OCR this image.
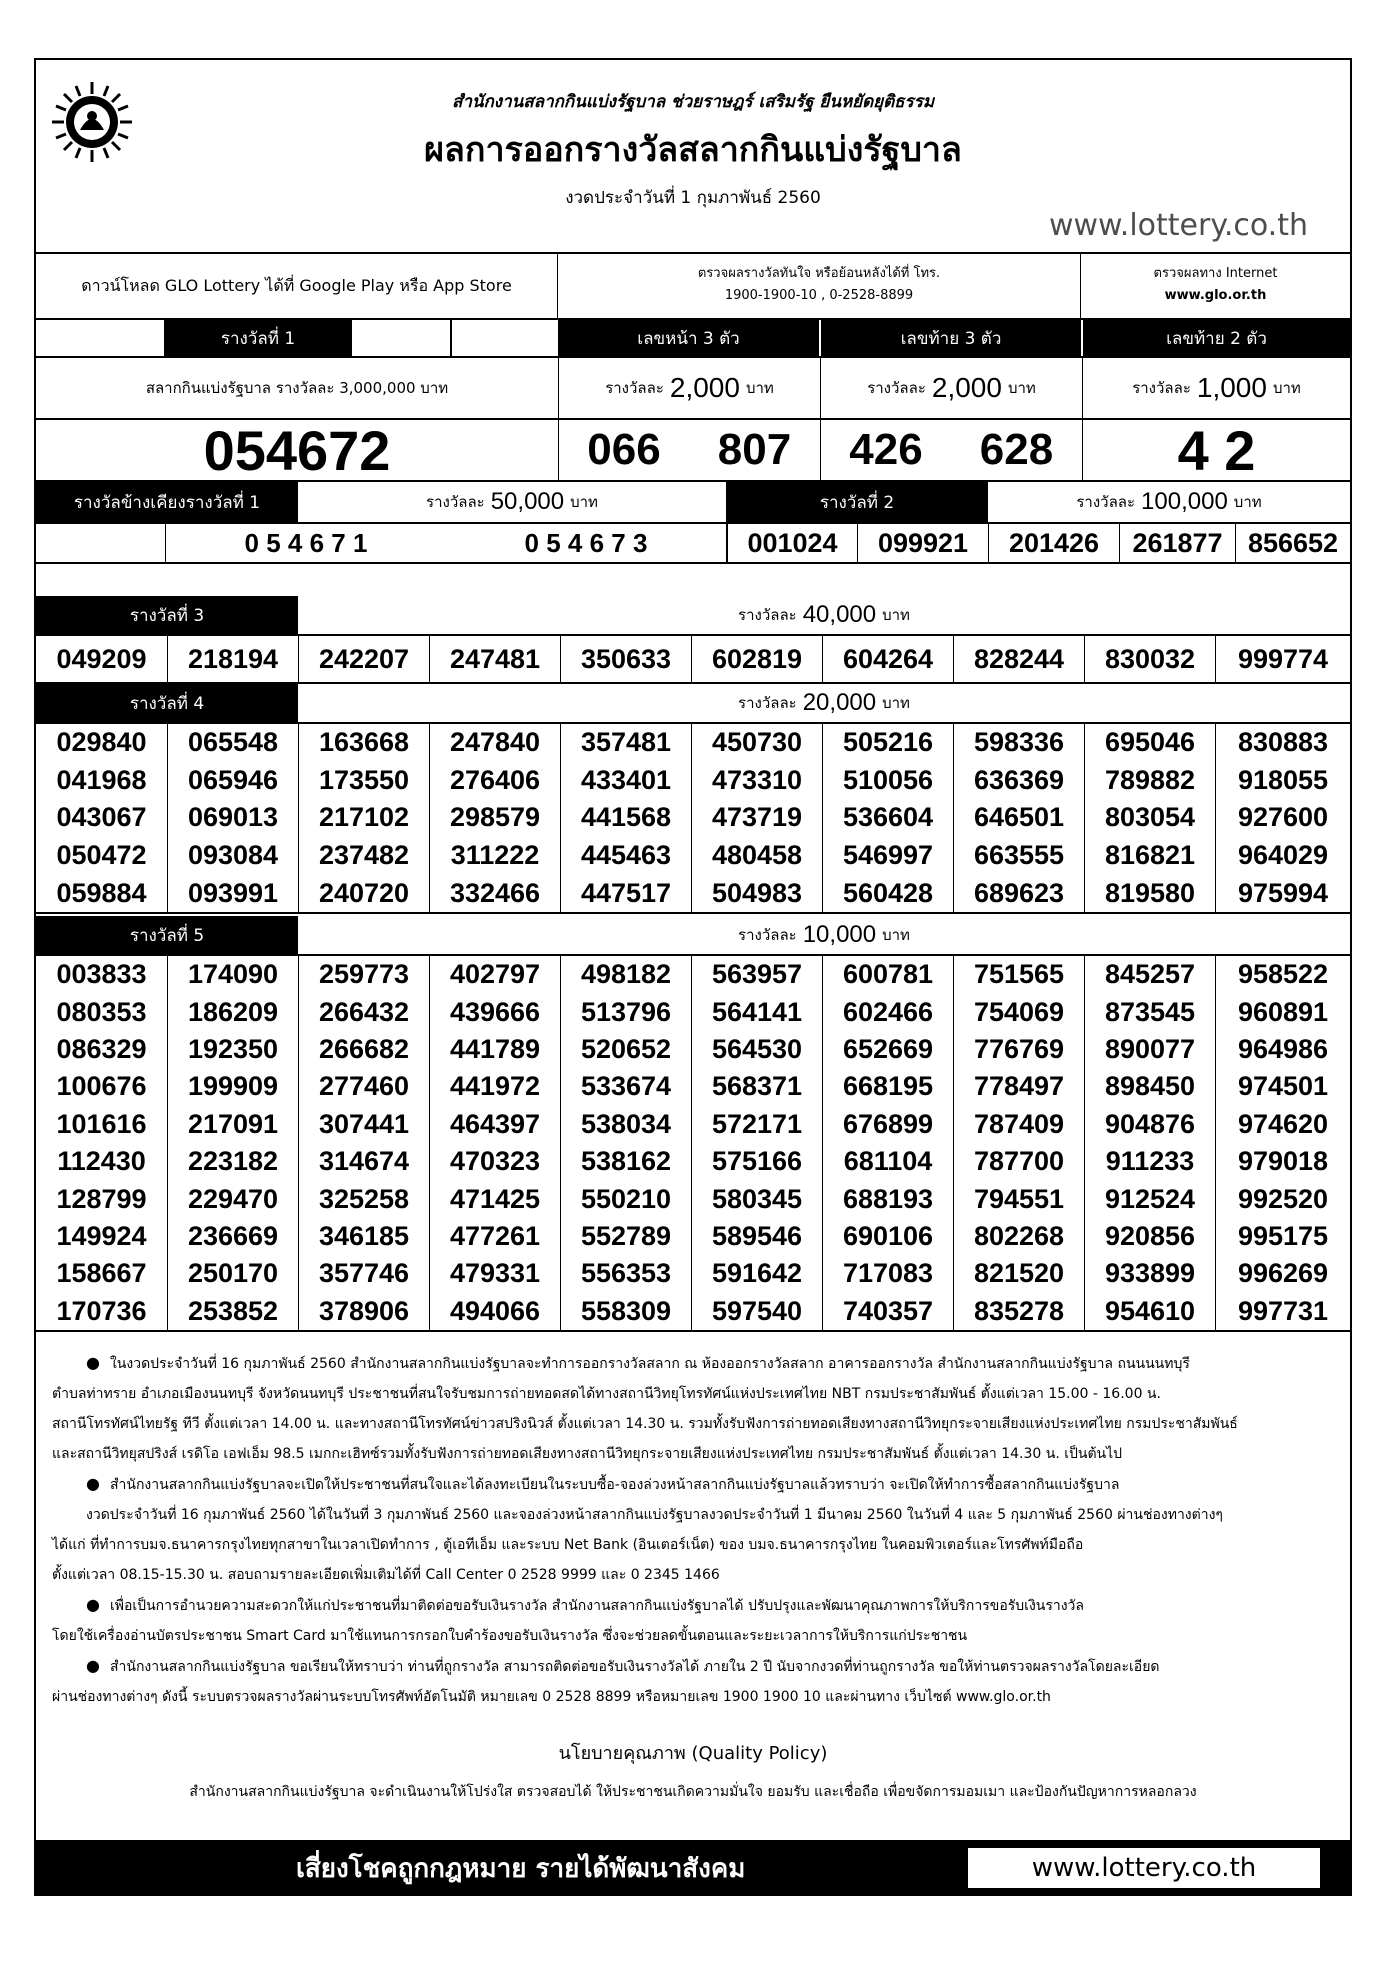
สำนักงานสลากกินแบ่งรัฐบาล ช่วยราษฎร์ เสริมรัฐ ยืนหยัดยุติธรรม
ผลการออกรางวัลสลากกินแบ่งรัฐบาล
งวดประจำวันที่ 1 กุมภาพันธ์ 2560
www.lottery.co.th
ดาวน์โหลด GLO Lottery ได้ที่ Google Play หรือ App Store
ตรวจผลรางวัลทันใจ หรือย้อนหลังได้ที่ โทร.
1900-1900-10 , 0-2528-8899
ตรวจผลทาง Internet
www.glo.or.th
รางวัลที่ 1	เลขหน้า 3 ตัว	เลขท้าย 3 ตัว	เลขท้าย 2 ตัว
สลากกินแบ่งรัฐบาล รางวัลละ 3,000,000 บาท	รางวัลละ 2,000 บาท	รางวัลละ 2,000 บาท	รางวัลละ 1,000 บาท
054672	066	807	426	628	4 2
รางวัลข้างเคียงรางวัลที่ 1	รางวัลละ 50,000 บาท	รางวัลที่ 2	รางวัลละ 100,000 บาท
0 5 4 6 7 1	0 5 4 6 7 3	001024	099921	201426	261877 856652
รางวัลที่ 3	รางวัลละ 40,000 บาท
049209	218194	242207	247481	350633	602819	604264	828244	830032	999774
รางวัลที่ 4	รางวัลละ 20,000 บาท
029840	065548	163668	247840	357481	450730	505216	598336	695046	830883
041968	065946	173550	276406	433401	473310	510056	636369	789882	918055
043067	069013	217102	298579	441568	473719	536604	646501	803054	927600
050472	093084	237482	311222	445463	480458	546997	663555	816821	964029
059884	093991	240720	332466	447517	504983	560428	689623	819580	975994
รางวัลที่ 5	รางวัลละ 10,000 บาท
003833	174090	259773	402797	498182	563957	600781	751565	845257	958522
080353	186209	266432	439666	513796	564141	602466	754069	873545	960891
086329	192350	266682	441789	520652	564530	652669	776769	890077	964986
100676	199909	277460	441972	533674	568371	668195	778497	898450	974501
101616	217091	307441	464397	538034	572171	676899	787409	904876	974620
112430	223182	314674	470323	538162	575166	681104	787700	911233	979018
128799	229470	325258	471425	550210	580345	688193	794551	912524	992520
149924	236669	346185	477261	552789	589546	690106	802268	920856	995175
158667	250170	357746	479331	556353	591642	717083	821520	933899	996269
170736	253852	378906	494066	558309	597540	740357	835278	954610	997731

● ในงวดประจำวันที่ 16 กุมภาพันธ์ 2560 สำนักงานสลากกินแบ่งรัฐบาลจะทำการออกรางวัลสลาก ณ ห้องออกรางวัลสลาก อาคารออกรางวัล สำนักงานสลากกินแบ่งรัฐบาล ถนนนนทบุรี

ตำบลท่าทราย อำเภอเมืองนนทบุรี จังหวัดนนทบุรี ประชาชนที่สนใจรับชมการถ่ายทอดสดได้ทางสถานีวิทยุโทรทัศน์แห่งประเทศไทย NBT กรมประชาสัมพันธ์ ตั้งแต่เวลา 15.00 - 16.00 น.

สถานีโทรทัศน์ไทยรัฐ ทีวี ตั้งแต่เวลา 14.00 น. และทางสถานีโทรทัศน์ข่าวสปริงนิวส์ ตั้งแต่เวลา 14.30 น. รวมทั้งรับฟังการถ่ายทอดเสียงทางสถานีวิทยุกระจายเสียงแห่งประเทศไทย กรมประชาสัมพันธ์

และสถานีวิทยุสปริงส์ เรดิโอ เอฟเอ็ม 98.5 เมกกะเฮิทซ์รวมทั้งรับฟังการถ่ายทอดเสียงทางสถานีวิทยุกระจายเสียงแห่งประเทศไทย กรมประชาสัมพันธ์ ตั้งแต่เวลา 14.30 น. เป็นต้นไป

● สำนักงานสลากกินแบ่งรัฐบาลจะเปิดให้ประชาชนที่สนใจและได้ลงทะเบียนในระบบซื้อ-จองล่วงหน้าสลากกินแบ่งรัฐบาลแล้วทราบว่า จะเปิดให้ทำการซื้อสลากกินแบ่งรัฐบาล

งวดประจำวันที่ 16 กุมภาพันธ์ 2560 ได้ในวันที่ 3 กุมภาพันธ์ 2560 และจองล่วงหน้าสลากกินแบ่งรัฐบาลงวดประจำวันที่ 1 มีนาคม 2560 ในวันที่ 4 และ 5 กุมภาพันธ์ 2560 ผ่านช่องทางต่างๆ

ได้แก่ ที่ทำการบมจ.ธนาคารกรุงไทยทุกสาขาในเวลาเปิดทำการ , ตู้เอทีเอ็ม และระบบ Net Bank (อินเตอร์เน็ต) ของ บมจ.ธนาคารกรุงไทย ในคอมพิวเตอร์และโทรศัพท์มือถือ

ตั้งแต่เวลา 08.15-15.30 น. สอบถามรายละเอียดเพิ่มเติมได้ที่ Call Center 0 2528 9999 และ 0 2345 1466

● เพื่อเป็นการอำนวยความสะดวกให้แก่ประชาชนที่มาติดต่อขอรับเงินรางวัล สำนักงานสลากกินแบ่งรัฐบาลได้ ปรับปรุงและพัฒนาคุณภาพการให้บริการขอรับเงินรางวัล

โดยใช้เครื่องอ่านบัตรประชาชน Smart Card มาใช้แทนการกรอกใบคำร้องขอรับเงินรางวัล ซึ่งจะช่วยลดขั้นตอนและระยะเวลาการให้บริการแก่ประชาชน

● สำนักงานสลากกินแบ่งรัฐบาล ขอเรียนให้ทราบว่า ท่านที่ถูกรางวัล สามารถติดต่อขอรับเงินรางวัลได้ ภายใน 2 ปี นับจากงวดที่ท่านถูกรางวัล ขอให้ท่านตรวจผลรางวัลโดยละเอียด

ผ่านช่องทางต่างๆ ดังนี้ ระบบตรวจผลรางวัลผ่านระบบโทรศัพท์อัตโนมัติ หมายเลข 0 2528 8899 หรือหมายเลข 1900 1900 10 และผ่านทาง เว็บไซต์ www.glo.or.th

นโยบายคุณภาพ (Quality Policy)
สำนักงานสลากกินแบ่งรัฐบาล จะดำเนินงานให้โปร่งใส ตรวจสอบได้ ให้ประชาชนเกิดความมั่นใจ ยอมรับ และเชื่อถือ เพื่อขจัดการมอมเมา และป้องกันปัญหาการหลอกลวง
เสี่ยงโชคถูกกฎหมาย รายได้พัฒนาสังคม	www.lottery.co.th
